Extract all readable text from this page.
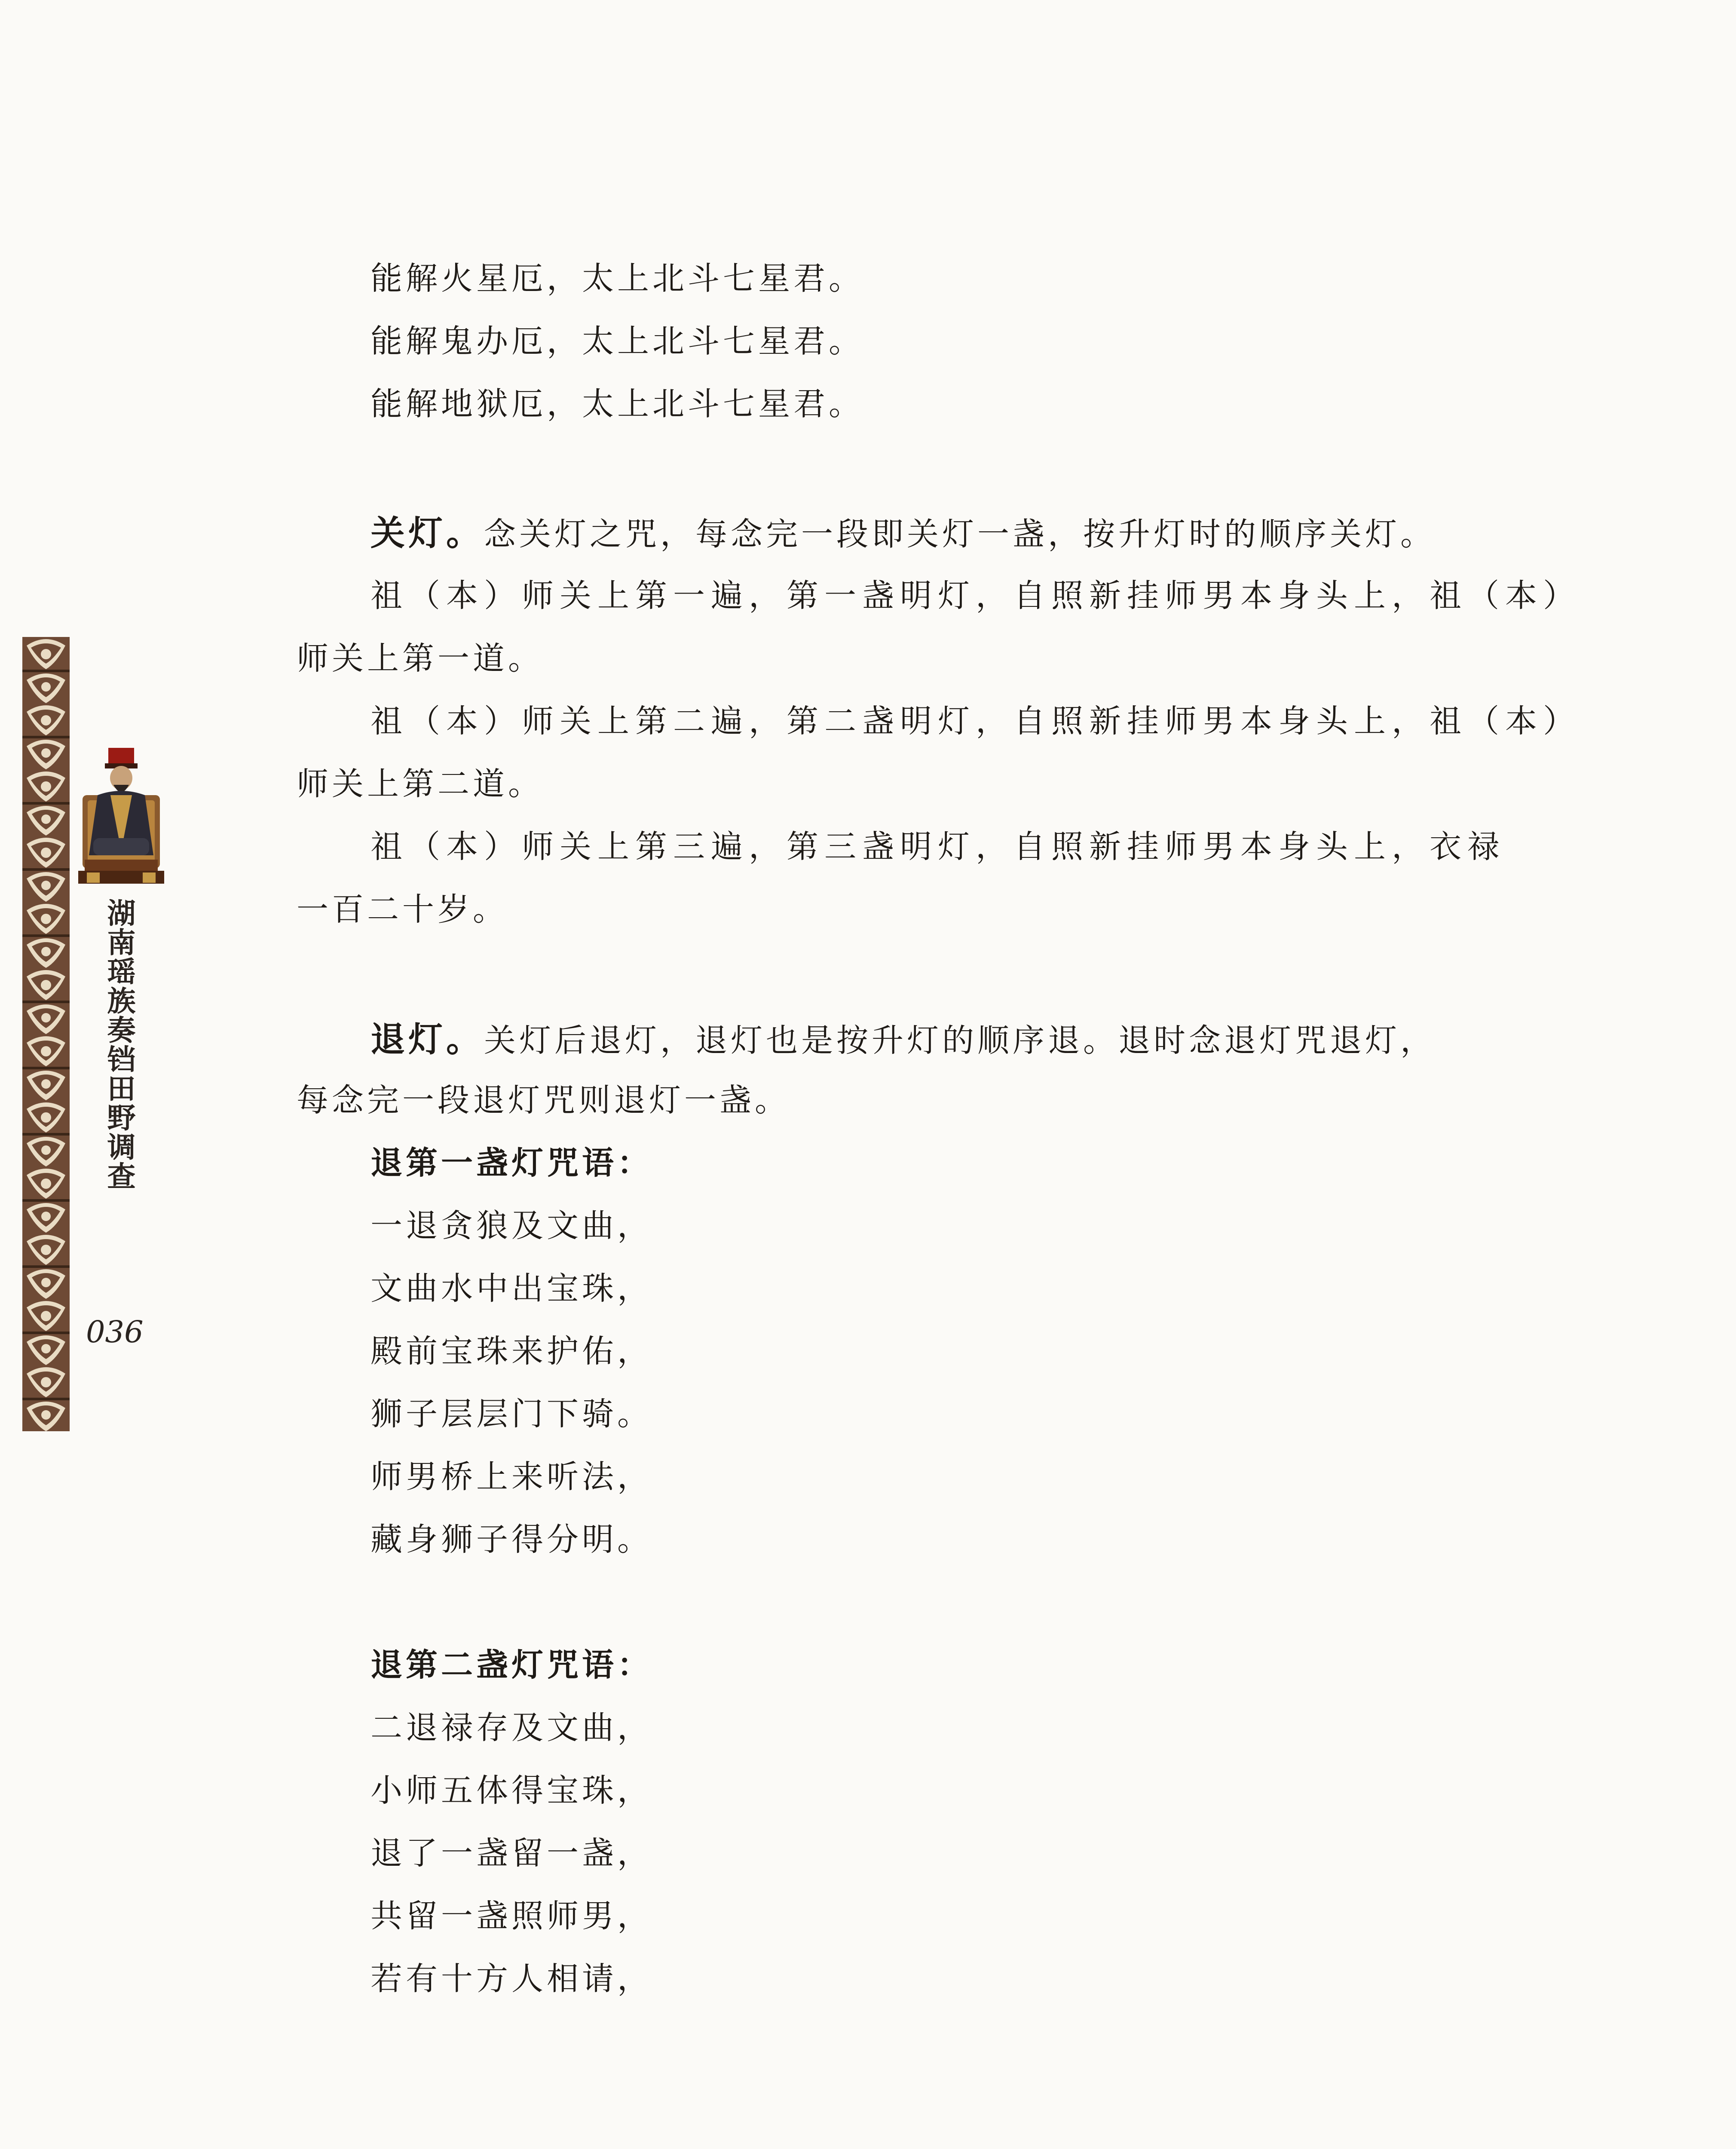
湖南瑶族奏铛田野调查
036
能解火星厄，太上北斗七星君。
能解鬼办厄，太上北斗七星君。
能解地狱厄，太上北斗七星君。
关灯。念关灯之咒，每念完一段即关灯一盏，按升灯时的顺序关灯。
祖（本）师关上第一遍，第一盏明灯，自照新挂师男本身头上，祖（本）
师关上第一道。
祖（本）师关上第二遍，第二盏明灯，自照新挂师男本身头上，祖（本）
师关上第二道。
祖（本）师关上第三遍，第三盏明灯，自照新挂师男本身头上，衣禄
一百二十岁。
退灯。关灯后退灯，退灯也是按升灯的顺序退。退时念退灯咒退灯，
每念完一段退灯咒则退灯一盏。
退第一盏灯咒语：
一退贪狼及文曲，
文曲水中出宝珠，
殿前宝珠来护佑，
狮子层层门下骑。
师男桥上来听法，
藏身狮子得分明。
退第二盏灯咒语：
二退禄存及文曲，
小师五体得宝珠，
退了一盏留一盏，
共留一盏照师男，
若有十方人相请，
